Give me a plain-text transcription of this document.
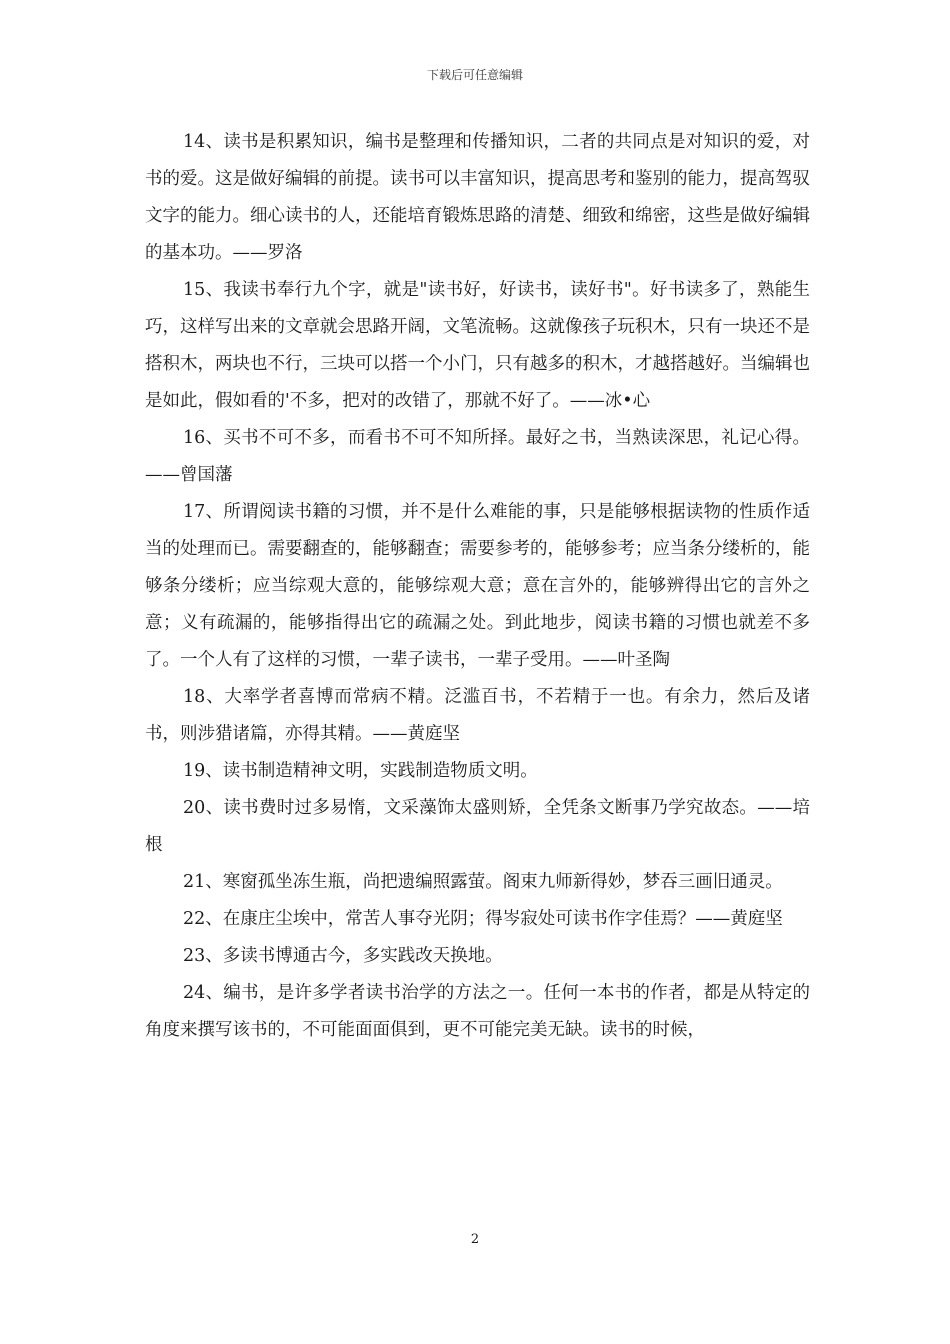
下载后可任意编辑

14、读书是积累知识，编书是整理和传播知识，二者的共同点是对知识的爱，对书的爱。这是做好编辑的前提。读书可以丰富知识，提高思考和鉴别的能力，提高驾驭文字的能力。细心读书的人，还能培育锻炼思路的清楚、细致和绵密，这些是做好编辑的基本功。——罗洛

15、我读书奉行九个字，就是"读书好，好读书，读好书"。好书读多了，熟能生巧，这样写出来的文章就会思路开阔，文笔流畅。这就像孩子玩积木，只有一块还不是搭积木，两块也不行，三块可以搭一个小门，只有越多的积木，才越搭越好。当编辑也是如此，假如看的'不多，把对的改错了，那就不好了。——冰•心

16、买书不可不多，而看书不可不知所择。最好之书，当熟读深思，礼记心得。——曾国藩

17、所谓阅读书籍的习惯，并不是什么难能的事，只是能够根据读物的性质作适当的处理而已。需要翻查的，能够翻查；需要参考的，能够参考；应当条分缕析的，能够条分缕析；应当综观大意的，能够综观大意；意在言外的，能够辨得出它的言外之意；义有疏漏的，能够指得出它的疏漏之处。到此地步，阅读书籍的习惯也就差不多了。一个人有了这样的习惯，一辈子读书，一辈子受用。——叶圣陶

18、大率学者喜博而常病不精。泛滥百书，不若精于一也。有余力，然后及诸书，则涉猎诸篇，亦得其精。——黄庭坚

19、读书制造精神文明，实践制造物质文明。

20、读书费时过多易惰，文采藻饰太盛则矫，全凭条文断事乃学究故态。——培根

21、寒窗孤坐冻生瓶，尚把遗编照露萤。阁束九师新得妙，梦吞三画旧通灵。

22、在康庄尘埃中，常苦人事夺光阴；得岑寂处可读书作字佳焉？——黄庭坚

23、多读书博通古今，多实践改天换地。

24、编书，是许多学者读书治学的方法之一。任何一本书的作者，都是从特定的角度来撰写该书的，不可能面面俱到，更不可能完美无缺。读书的时候，

2
